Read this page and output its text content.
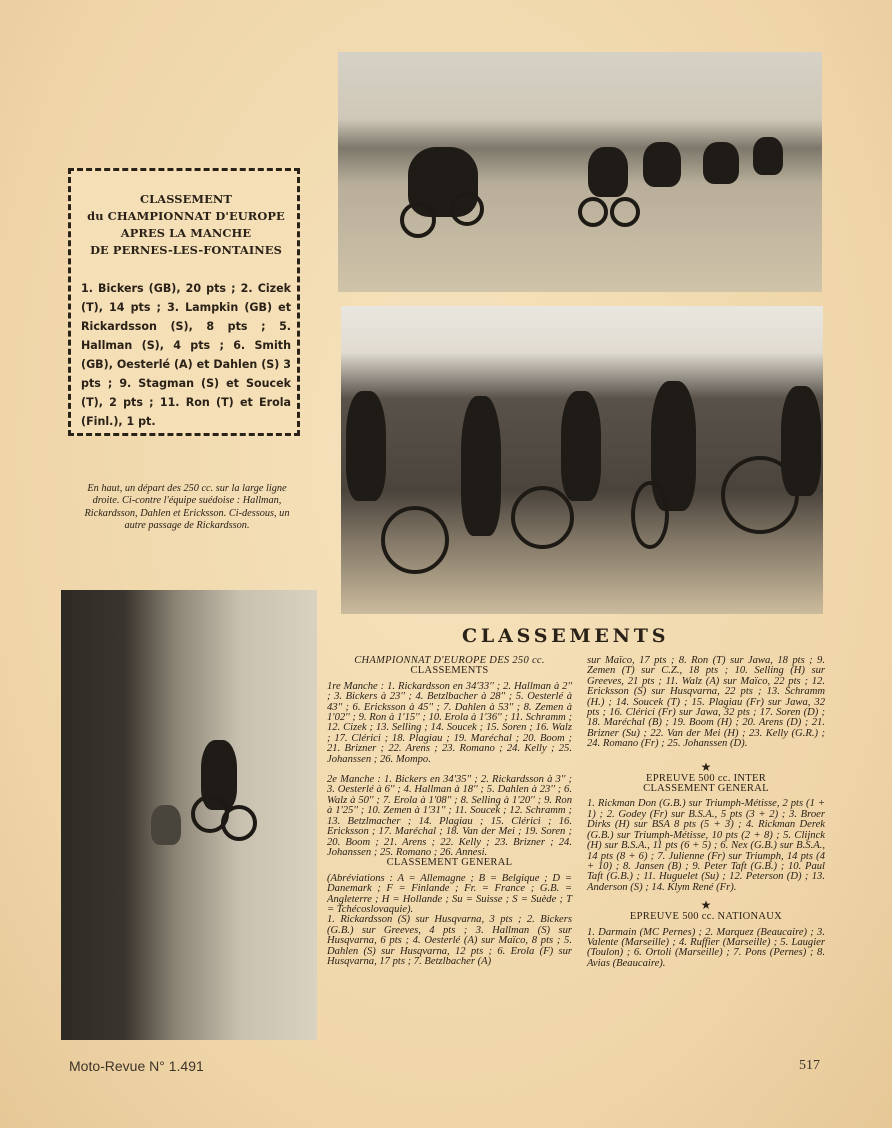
CLASSEMENT
du CHAMPIONNAT D'EUROPE
APRES LA MANCHE
DE PERNES-LES-FONTAINES
1. Bickers (GB), 20 pts ; 2. Cizek (T), 14 pts ; 3. Lampkin (GB) et Rickardsson (S), 8 pts ; 5. Hallman (S), 4 pts ; 6. Smith (GB), Oesterlé (A) et Dahlen (S) 3 pts ; 9. Stagman (S) et Soucek (T), 2 pts ; 11. Ron (T) et Erola (Finl.), 1 pt.
En haut, un départ des 250 cc. sur la large ligne droite. Ci-contre l'équipe suédoise : Hallman, Rickardsson, Dahlen et Ericksson. Ci-dessous, un autre passage de Rickardsson.
CLASSEMENTS

CHAMPIONNAT D'EUROPE DES 250 cc.

CLASSEMENTS

1re Manche : 1. Rickardsson en 34'33'' ; 2. Hallman à 2'' ; 3. Bickers à 23'' ; 4. Betzlbacher à 28'' ; 5. Oesterlé à 43'' ; 6. Ericksson à 45'' ; 7. Dahlen à 53'' ; 8. Zemen à 1'02'' ; 9. Ron à 1'15'' ; 10. Erola à 1'36'' ; 11. Schramm ; 12. Cizek ; 13. Selling ; 14. Soucek ; 15. Soren ; 16. Walz ; 17. Clérici ; 18. Plagiau ; 19. Maréchal ; 20. Boom ; 21. Brizner ; 22. Arens ; 23. Romano ; 24. Kelly ; 25. Johanssen ; 26. Mompo.

2e Manche : 1. Bickers en 34'35'' ; 2. Rickardsson à 3'' ; 3. Oesterlé à 6'' ; 4. Hallman à 18'' ; 5. Dahlen à 23'' ; 6. Walz à 50'' ; 7. Erola à 1'08'' ; 8. Selling à 1'20'' ; 9. Ron à 1'25'' ; 10. Zemen à 1'31'' ; 11. Soucek ; 12. Schramm ; 13. Betzlmacher ; 14. Plagiau ; 15. Clérici ; 16. Ericksson ; 17. Maréchal ; 18. Van der Mei ; 19. Soren ; 20. Boom ; 21. Arens ; 22. Kelly ; 23. Brizner ; 24. Johanssen ; 25. Romano ; 26. Annesi.

CLASSEMENT GENERAL

(Abréviations : A = Allemagne ; B = Belgique ; D = Danemark ; F = Finlande ; Fr. = France ; G.B. = Angleterre ; H = Hollande ; Su = Suisse ; S = Suède ; T = Tchécoslovaquie).

1. Rickardsson (S) sur Husqvarna, 3 pts ; 2. Bickers (G.B.) sur Greeves, 4 pts ; 3. Hallman (S) sur Husqvarna, 6 pts ; 4. Oesterlé (A) sur Maïco, 8 pts ; 5. Dahlen (S) sur Husqvarna, 12 pts ; 6. Erola (F) sur Husqvarna, 17 pts ; 7. Betzlbacher (A)

sur Maïco, 17 pts ; 8. Ron (T) sur Jawa, 18 pts ; 9. Zemen (T) sur C.Z., 18 pts ; 10. Selling (H) sur Greeves, 21 pts ; 11. Walz (A) sur Maïco, 22 pts ; 12. Ericksson (S) sur Husqvarna, 22 pts ; 13. Schramm (H.) ; 14. Soucek (T) ; 15. Plagiau (Fr) sur Jawa, 32 pts ; 16. Clérici (Fr) sur Jawa, 32 pts ; 17. Soren (D) ; 18. Maréchal (B) ; 19. Boom (H) ; 20. Arens (D) ; 21. Brizner (Su) ; 22. Van der Mei (H) ; 23. Kelly (G.R.) ; 24. Romano (Fr) ; 25. Johanssen (D).

★

EPREUVE 500 cc. INTER

CLASSEMENT GENERAL

1. Rickman Don (G.B.) sur Triumph-Métisse, 2 pts (1 + 1) ; 2. Godey (Fr) sur B.S.A., 5 pts (3 + 2) ; 3. Broer Dirks (H) sur BSA 8 pts (5 + 3) ; 4. Rickman Derek (G.B.) sur Triumph-Métisse, 10 pts (2 + 8) ; 5. Clijnck (H) sur B.S.A., 11 pts (6 + 5) ; 6. Nex (G.B.) sur B.S.A., 14 pts (8 + 6) ; 7. Julienne (Fr) sur Triumph, 14 pts (4 + 10) ; 8. Jansen (B) ; 9. Peter Taft (G.B.) ; 10. Paul Taft (G.B.) ; 11. Huguelet (Su) ; 12. Peterson (D) ; 13. Anderson (S) ; 14. Klym René (Fr).

★

EPREUVE 500 cc. NATIONAUX

1. Darmain (MC Pernes) ; 2. Marquez (Beaucaire) ; 3. Valente (Marseille) ; 4. Ruffier (Marseille) ; 5. Laugier (Toulon) ; 6. Ortoli (Marseille) ; 7. Pons (Pernes) ; 8. Avias (Beaucaire).

Moto-Revue N° 1.491	517
